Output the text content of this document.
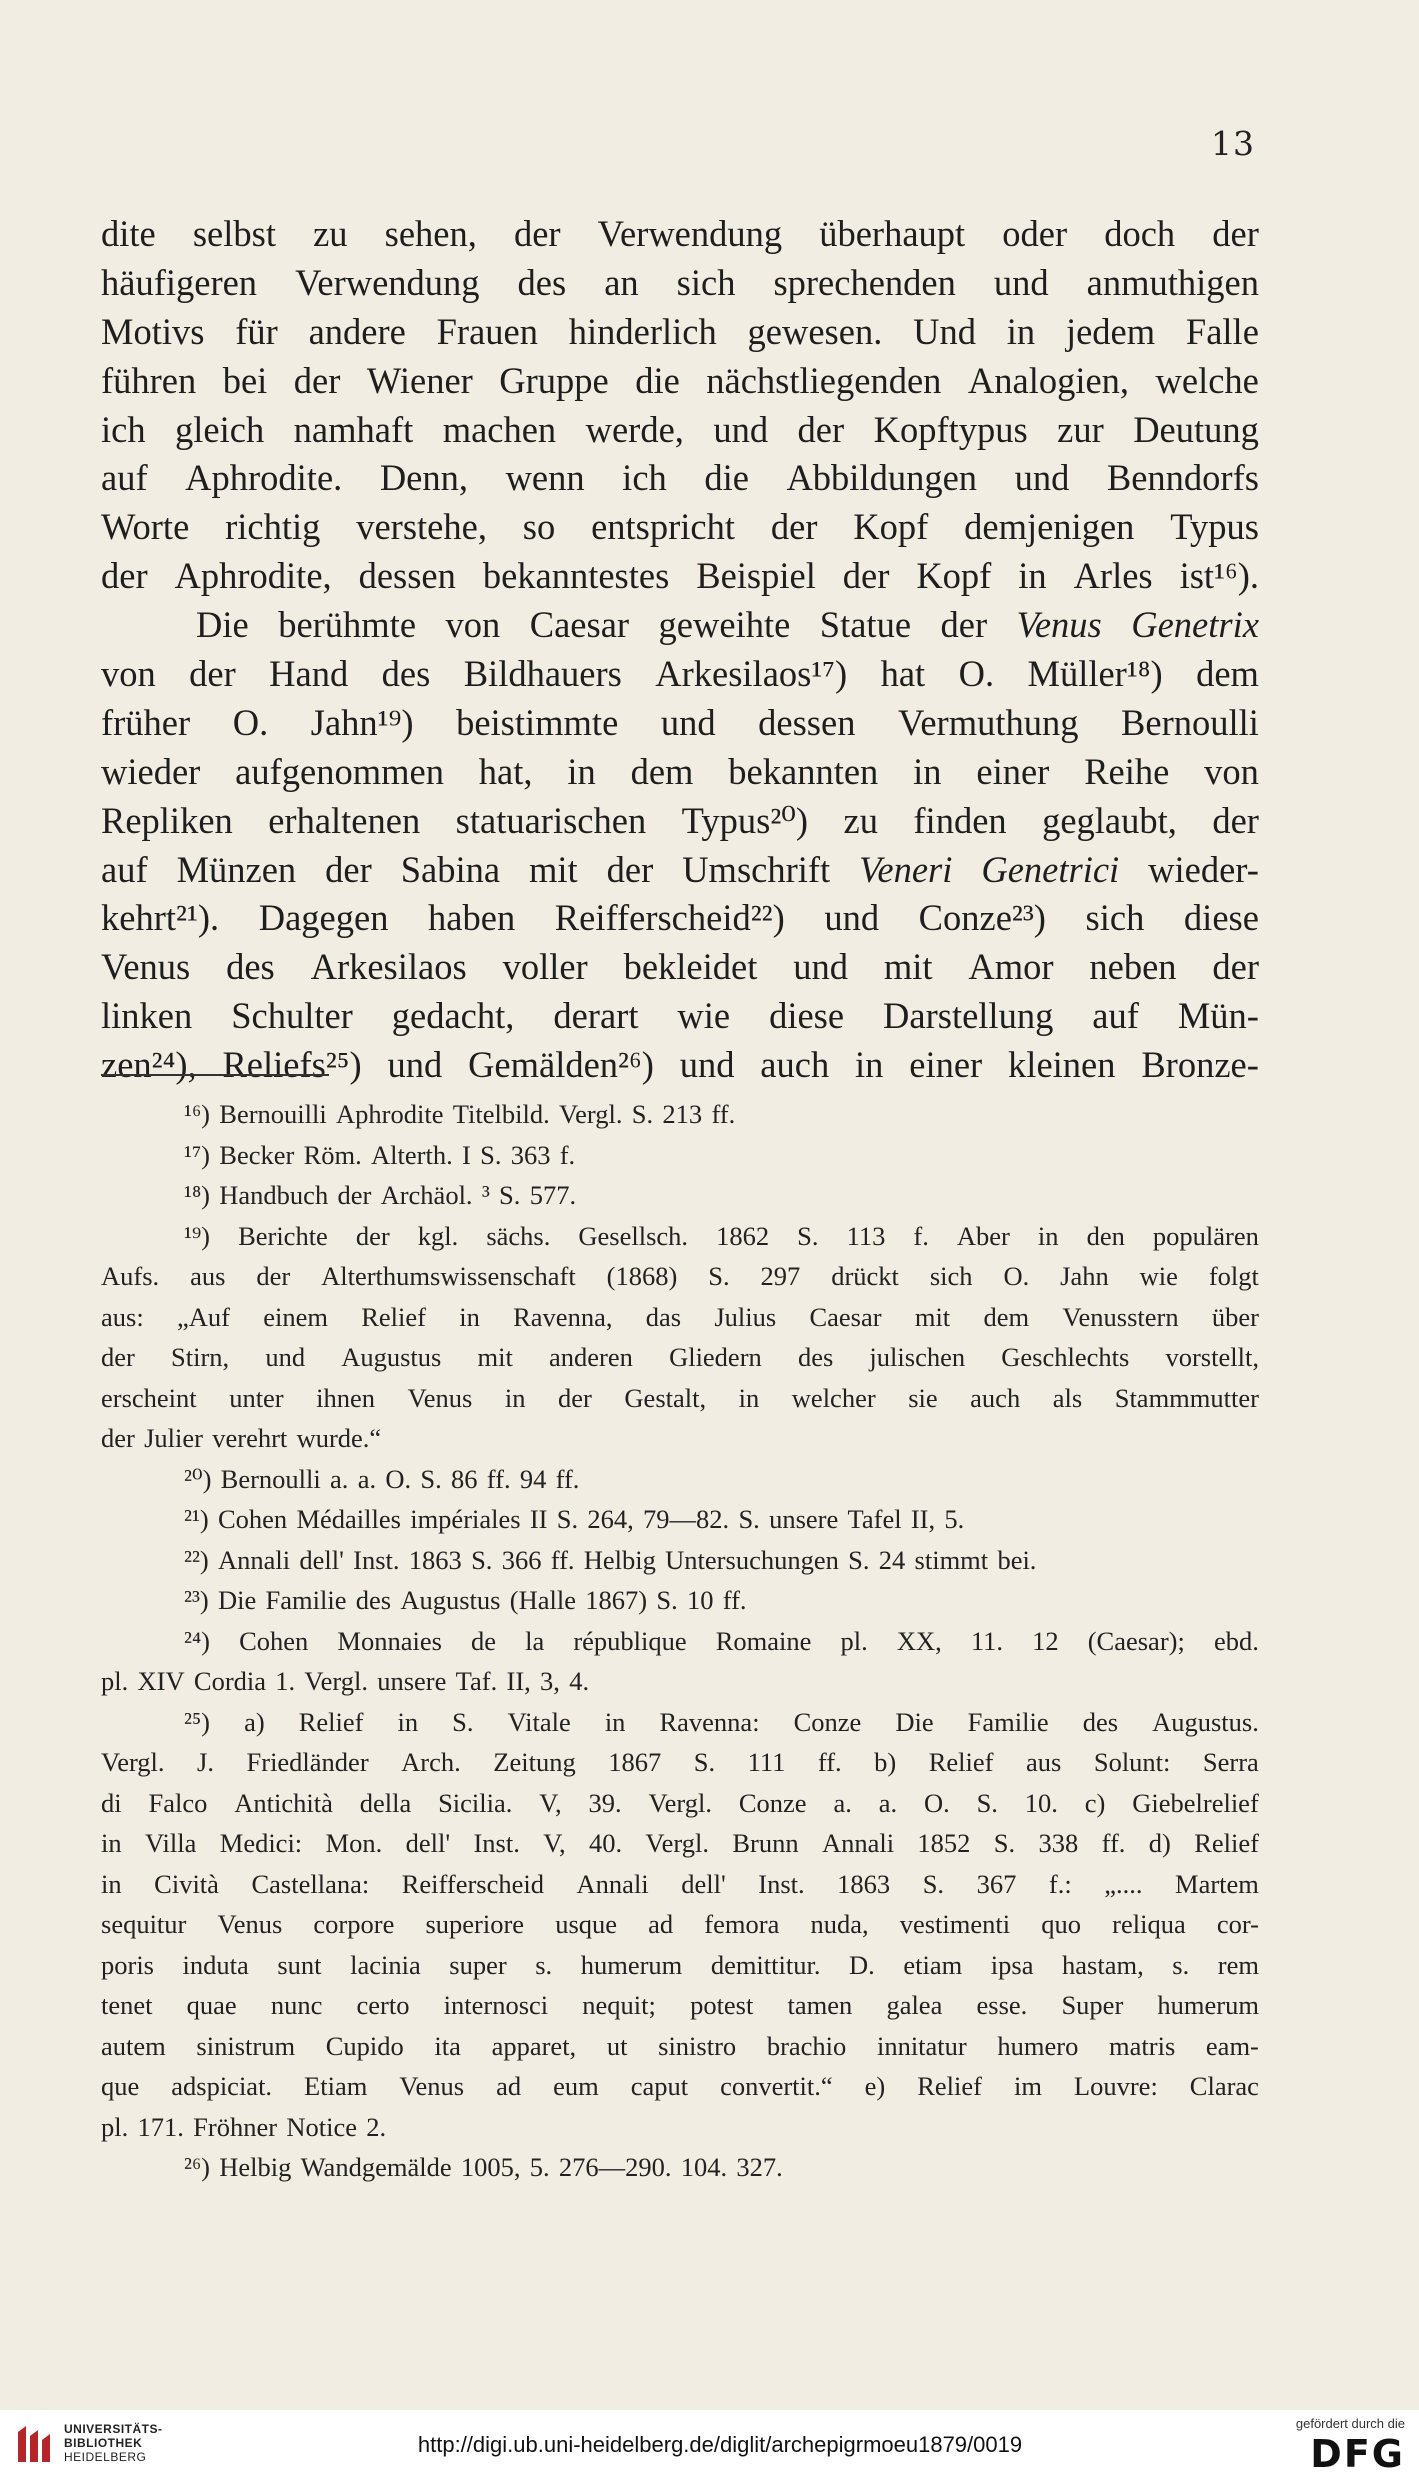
13
dite selbst zu sehen, der Verwendung überhaupt oder doch der
häufigeren Verwendung des an sich sprechenden und anmuthigen
Motivs für andere Frauen hinderlich gewesen. Und in jedem Falle
führen bei der Wiener Gruppe die nächstliegenden Analogien, welche
ich gleich namhaft machen werde, und der Kopftypus zur Deutung
auf Aphrodite. Denn, wenn ich die Abbildungen und Benndorfs
Worte richtig verstehe, so entspricht der Kopf demjenigen Typus
der Aphrodite, dessen bekanntestes Beispiel der Kopf in Arles ist¹⁶).
Die berühmte von Caesar geweihte Statue der Venus Genetrix
von der Hand des Bildhauers Arkesilaos¹⁷) hat O. Müller¹⁸) dem
früher O. Jahn¹⁹) beistimmte und dessen Vermuthung Bernoulli
wieder aufgenommen hat, in dem bekannten in einer Reihe von
Repliken erhaltenen statuarischen Typus²⁰) zu finden geglaubt, der
auf Münzen der Sabina mit der Umschrift Veneri Genetrici wieder-
kehrt²¹). Dagegen haben Reifferscheid²²) und Conze²³) sich diese
Venus des Arkesilaos voller bekleidet und mit Amor neben der
linken Schulter gedacht, derart wie diese Darstellung auf Mün-
zen²⁴), Reliefs²⁵) und Gemälden²⁶) und auch in einer kleinen Bronze-
¹⁶) Bernouilli Aphrodite Titelbild. Vergl. S. 213 ff.
¹⁷) Becker Röm. Alterth. I S. 363 f.
¹⁸) Handbuch der Archäol. ³ S. 577.
¹⁹) Berichte der kgl. sächs. Gesellsch. 1862 S. 113 f. Aber in den populären
Aufs. aus der Alterthumswissenschaft (1868) S. 297 drückt sich O. Jahn wie folgt
aus: „Auf einem Relief in Ravenna, das Julius Caesar mit dem Venusstern über
der Stirn, und Augustus mit anderen Gliedern des julischen Geschlechts vorstellt,
erscheint unter ihnen Venus in der Gestalt, in welcher sie auch als Stammmutter
der Julier verehrt wurde.“
²⁰) Bernoulli a. a. O. S. 86 ff. 94 ff.
²¹) Cohen Médailles impériales II S. 264, 79—82. S. unsere Tafel II, 5.
²²) Annali dell' Inst. 1863 S. 366 ff. Helbig Untersuchungen S. 24 stimmt bei.
²³) Die Familie des Augustus (Halle 1867) S. 10 ff.
²⁴) Cohen Monnaies de la république Romaine pl. XX, 11. 12 (Caesar); ebd.
pl. XIV Cordia 1. Vergl. unsere Taf. II, 3, 4.
²⁵) a) Relief in S. Vitale in Ravenna: Conze Die Familie des Augustus.
Vergl. J. Friedländer Arch. Zeitung 1867 S. 111 ff. b) Relief aus Solunt: Serra
di Falco Antichità della Sicilia. V, 39. Vergl. Conze a. a. O. S. 10. c) Giebelrelief
in Villa Medici: Mon. dell' Inst. V, 40. Vergl. Brunn Annali 1852 S. 338 ff. d) Relief
in Cività Castellana: Reifferscheid Annali dell' Inst. 1863 S. 367 f.: „.... Martem
sequitur Venus corpore superiore usque ad femora nuda, vestimenti quo reliqua cor-
poris induta sunt lacinia super s. humerum demittitur. D. etiam ipsa hastam, s. rem
tenet quae nunc certo internosci nequit; potest tamen galea esse. Super humerum
autem sinistrum Cupido ita apparet, ut sinistro brachio innitatur humero matris eam-
que adspiciat. Etiam Venus ad eum caput convertit.“ e) Relief im Louvre: Clarac
pl. 171. Fröhner Notice 2.
²⁶) Helbig Wandgemälde 1005, 5. 276—290. 104. 327.
UNIVERSITÄTS-
BIBLIOTHEK
HEIDELBERG	http://digi.ub.uni-heidelberg.de/diglit/archepigrmoeu1879/0019
gefördert durch die
DFG
